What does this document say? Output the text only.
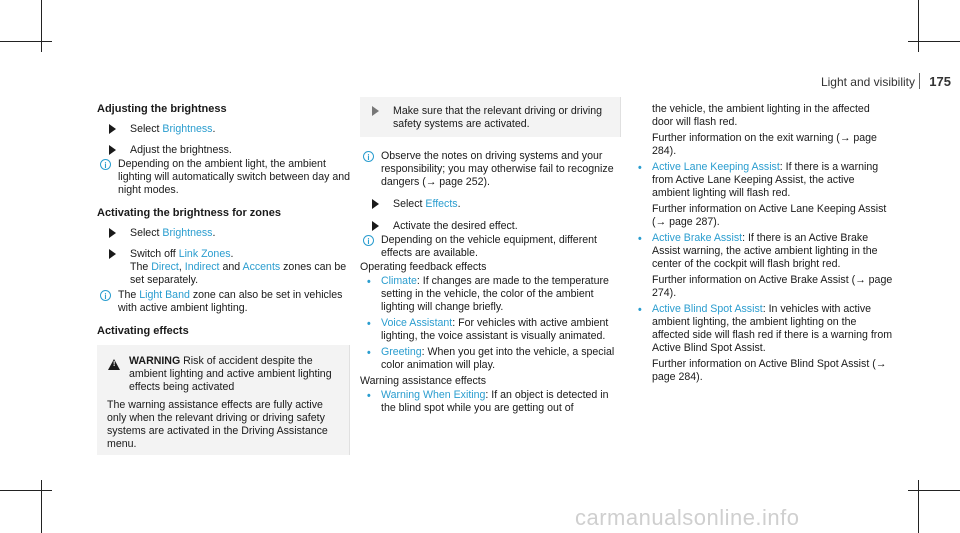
Light and visibility 175

Adjusting the brightness

Select Brightness.
Adjust the brightness.
i	Depending on the ambient light, the ambient lighting will automatically switch between day and night modes.

Activating the brightness for zones

Select Brightness.
Switch off Link Zones.
The Direct, Indirect and Accents zones can be set separately.
i	The Light Band zone can also be set in vehicles with active ambient lighting.

Activating effects

! WARNING Risk of accident despite the ambient lighting and active ambient lighting effects being activated
The warning assistance effects are fully active only when the relevant driving or driving safety systems are activated in the Driving Assistance menu.
Make sure that the relevant driving or driving safety systems are activated.
i	Observe the notes on driving systems and your responsibility; you may otherwise fail to recognize dangers (→ page 252).
Select Effects.
Activate the desired effect.
i	Depending on the vehicle equipment, different effects are available.

Operating feedback effects

• Climate: If changes are made to the temperature setting in the vehicle, the color of the ambient lighting will change briefly.
• Voice Assistant: For vehicles with active ambient lighting, the voice assistant is visually animated.
• Greeting: When you get into the vehicle, a special color animation will play.

Warning assistance effects

• Warning When Exiting: If an object is detected in the blind spot while you are getting out of

the vehicle, the ambient lighting in the affected door will flash red.

Further information on the exit warning (→ page 284).

• Active Lane Keeping Assist: If there is a warning from Active Lane Keeping Assist, the active ambient lighting will flash red.

Further information on Active Lane Keeping Assist (→ page 287).

• Active Brake Assist: If there is an Active Brake Assist warning, the active ambient lighting in the center of the cockpit will flash bright red.

Further information on Active Brake Assist (→ page 274).

• Active Blind Spot Assist: In vehicles with active ambient lighting, the ambient lighting on the affected side will flash red if there is a warning from Active Blind Spot Assist.

Further information on Active Blind Spot Assist (→ page 284).

carmanualsonline.info
